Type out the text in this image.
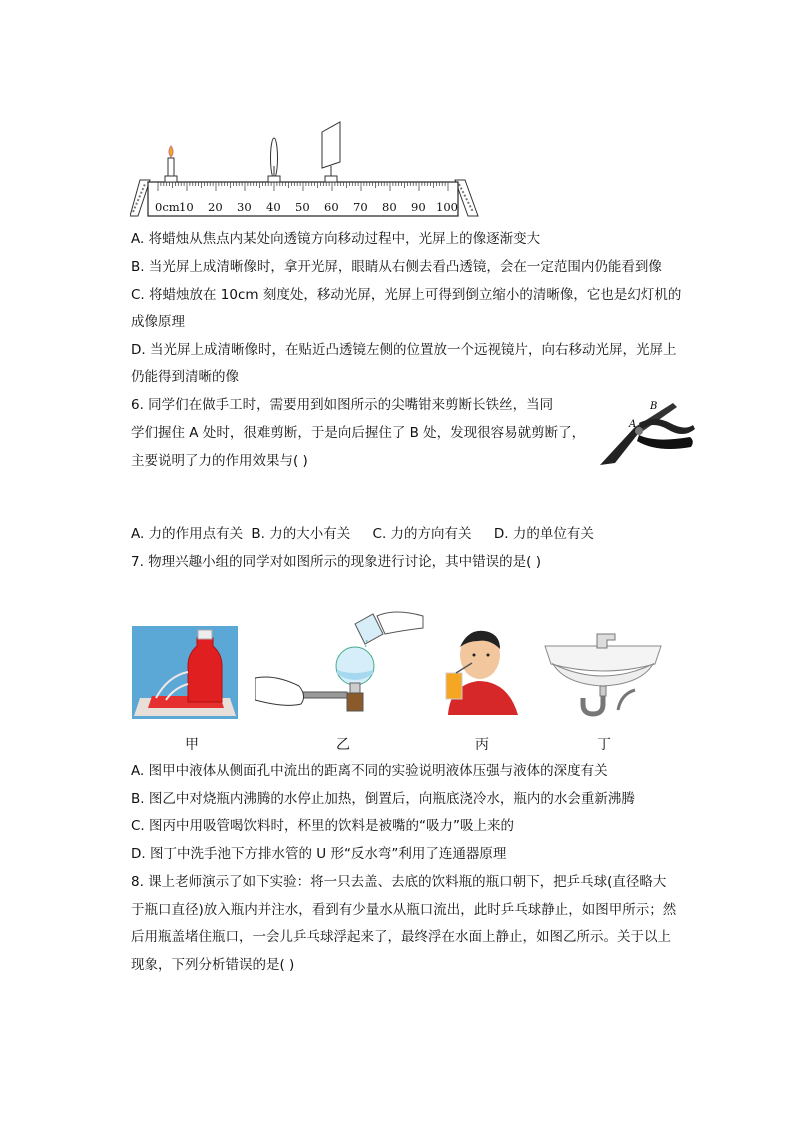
0cm 10 20 30 40 50 60 70 80 90 100
A. 将蜡烛从焦点内某处向透镜方向移动过程中，光屏上的像逐渐变大
B. 当光屏上成清晰像时，拿开光屏，眼睛从右侧去看凸透镜，会在一定范围内仍能看到像
C. 将蜡烛放在 10cm 刻度处，移动光屏，光屏上可得到倒立缩小的清晰像，它也是幻灯机的
成像原理
D. 当光屏上成清晰像时，在贴近凸透镜左侧的位置放一个远视镜片，向右移动光屏，光屏上
仍能得到清晰的像
6. 同学们在做手工时，需要用到如图所示的尖嘴钳来剪断长铁丝，当同
学们握住 A 处时，很难剪断，于是向后握住了 B 处，发现很容易就剪断了，
主要说明了力的作用效果与( )
A
B
A. 力的作用点有关 B. 力的大小有关 C. 力的方向有关 D. 力的单位有关
7. 物理兴趣小组的同学对如图所示的现象进行讨论，其中错误的是( )
甲	乙	丙	丁
A. 图甲中液体从侧面孔中流出的距离不同的实验说明液体压强与液体的深度有关
B. 图乙中对烧瓶内沸腾的水停止加热，倒置后，向瓶底浇冷水，瓶内的水会重新沸腾
C. 图丙中用吸管喝饮料时，杯里的饮料是被嘴的“吸力”吸上来的
D. 图丁中洗手池下方排水管的 U 形“反水弯”利用了连通器原理
8. 课上老师演示了如下实验：将一只去盖、去底的饮料瓶的瓶口朝下，把乒乓球(直径略大
于瓶口直径)放入瓶内并注水，看到有少量水从瓶口流出，此时乒乓球静止，如图甲所示；然
后用瓶盖堵住瓶口，一会儿乒乓球浮起来了，最终浮在水面上静止，如图乙所示。关于以上
现象，下列分析错误的是( )
